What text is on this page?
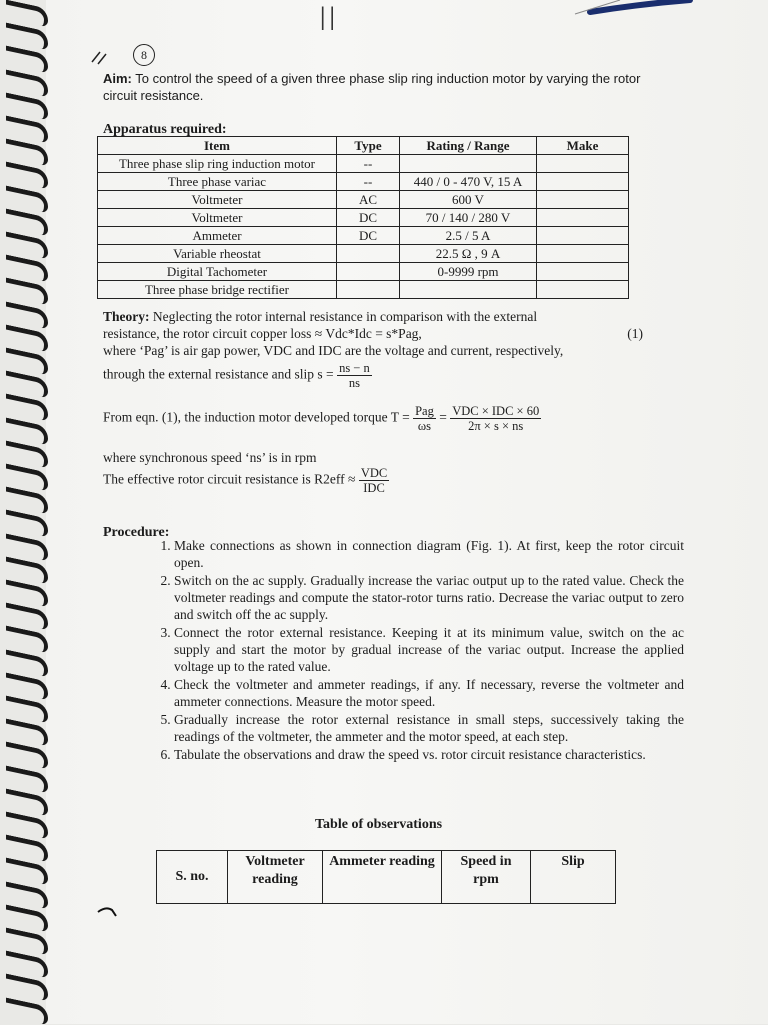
II
8
Aim: To control the speed of a given three phase slip ring induction motor by varying the rotor circuit resistance.
Apparatus required:
Item	Type	Rating / Range	Make
Three phase slip ring induction motor	--		
Three phase variac	--	440 / 0 - 470 V, 15 A	
Voltmeter	AC	600 V	
Voltmeter	DC	70 / 140 / 280 V	
Ammeter	DC	2.5 / 5 A	
Variable rheostat		22.5 Ω , 9 A	
Digital Tachometer		0-9999 rpm	
Three phase bridge rectifier			
Theory: Neglecting the rotor internal resistance in comparison with the external
resistance, the rotor circuit copper loss ≈ Vdc*Idc = s*Pag,	(1)
where ‘Pag’ is air gap power, VDC and IDC are the voltage and current, respectively,
through the external resistance and slip $s = \frac{ns - n}{ns}$
From eqn. (1), the induction motor developed torque $T = \frac{\text{Pag}}{\omega s} = \frac{\text{VDC × IDC × 60}}{2\pi \times s \times ns}$
where synchronous speed ‘ns’ is in rpm
The effective rotor circuit resistance is $R2eff \approx \frac{\text{VDC}}{\text{IDC}}$
Procedure:
1. Make connections as shown in connection diagram (Fig. 1). At first, keep the rotor circuit open.
2. Switch on the ac supply. Gradually increase the variac output up to the rated value. Check the voltmeter readings and compute the stator-rotor turns ratio. Decrease the variac output to zero and switch off the ac supply.
3. Connect the rotor external resistance. Keeping it at its minimum value, switch on the ac supply and start the motor by gradual increase of the variac output. Increase the applied voltage up to the rated value.
4. Check the voltmeter and ammeter readings, if any. If necessary, reverse the voltmeter and ammeter connections. Measure the motor speed.
5. Gradually increase the rotor external resistance in small steps, successively taking the readings of the voltmeter, the ammeter and the motor speed, at each step.
6. Tabulate the observations and draw the speed vs. rotor circuit resistance characteristics.
Table of observations
S. no.	Voltmeter reading	Ammeter reading	Speed in rpm	Slip
